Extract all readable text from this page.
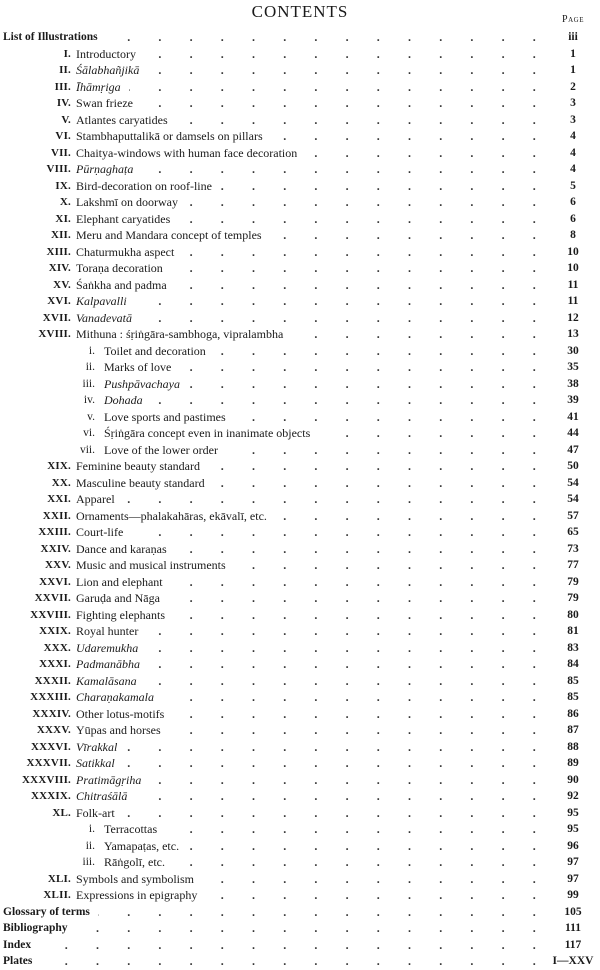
CONTENTS	Page
List of Illustrations .	iii
I. Introductory .	1
II. Śālabhañjikā .	1
III. Īhāmṛiga .	2
IV. Swan frieze .	3
V. Atlantes caryatides .	3
VI. Stambhaputtalikā or damsels on pillars .	4
VII. Chaitya-windows with human face decoration .	4
VIII. Pūrṇaghaṭa .	4
IX. Bird-decoration on roof-line .	5
X. Lakshmī on doorway .	6
XI. Elephant caryatides .	6
XII. Meru and Mandara concept of temples .	8
XIII. Chaturmukha aspect .	10
XIV. Toraṇa decoration .	10
XV. Śaṅkha and padma .	11
XVI. Kalpavalli .	11
XVII. Vanadevatā .	12
XVIII. Mithuna : śṛiṅgāra-sambhoga, vipralambha .	13
i. Toilet and decoration .	30
ii. Marks of love .	35
iii. Pushpāvachaya .	38
iv. Dohada .	39
v. Love sports and pastimes .	41
vi. Śṛiṅgāra concept even in inanimate objects .	44
vii. Love of the lower order .	47
XIX. Feminine beauty standard .	50
XX. Masculine beauty standard .	54
XXI. Apparel .	54
XXII. Ornaments—phalakahāras, ekāvalī, etc. .	57
XXIII. Court-life .	65
XXIV. Dance and karaṇas .	73
XXV. Music and musical instruments .	77
XXVI. Lion and elephant .	79
XXVII. Garuḍa and Nāga .	79
XXVIII. Fighting elephants .	80
XXIX. Royal hunter .	81
XXX. Udaremukha .	83
XXXI. Padmanābha .	84
XXXII. Kamalāsana .	85
XXXIII. Charaṇakamala .	85
XXXIV. Other lotus-motifs .	86
XXXV. Yūpas and horses .	87
XXXVI. Vīrakkal .	88
XXXVII. Satikkal .	89
XXXVIII. Pratimāgṛiha .	90
XXXIX. Chitraśālā .	92
XL. Folk-art .	95
i. Terracottas .	95
ii. Yamapaṭas, etc. .	96
iii. Rāṅgolī, etc. .	97
XLI. Symbols and symbolism .	97
XLII. Expressions in epigraphy .	99
Glossary of terms .	105
Bibliography .	111
Index .	117
Plates .	I—XXV
